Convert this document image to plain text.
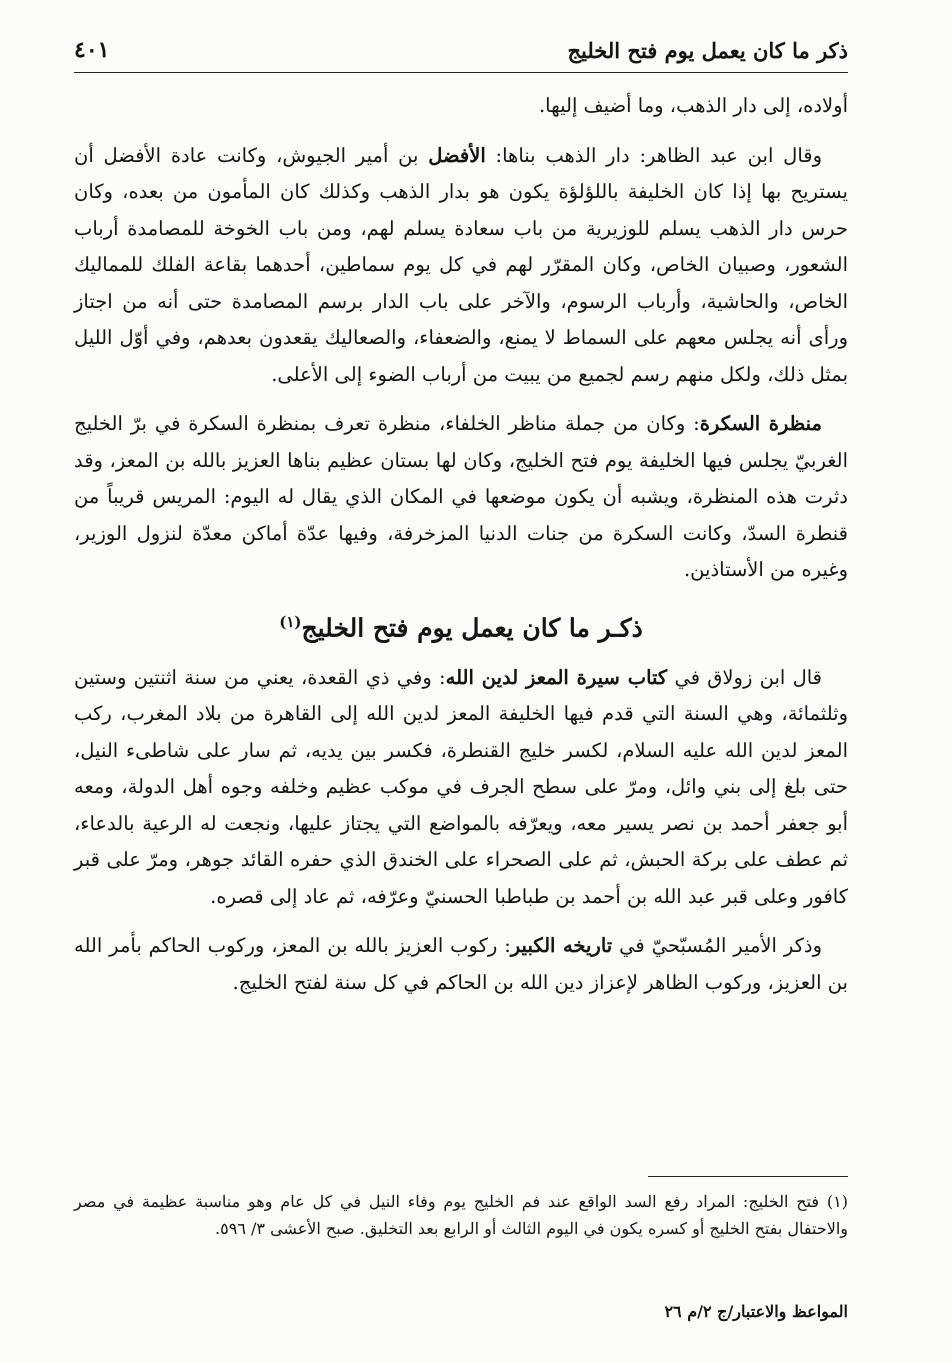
ذكر ما كان يعمل يوم فتح الخليج
٤٠١

أولاده، إلى دار الذهب، وما أضيف إليها.

وقال ابن عبد الظاهر: دار الذهب بناها: الأفضل بن أمير الجيوش، وكانت عادة الأفضل أن يستريح بها إذا كان الخليفة باللؤلؤة يكون هو بدار الذهب وكذلك كان المأمون من بعده، وكان حرس دار الذهب يسلم للوزيرية من باب سعادة يسلم لهم، ومن باب الخوخة للمصامدة أرباب الشعور، وصبيان الخاص، وكان المقرّر لهم في كل يوم سماطين، أحدهما بقاعة الفلك للمماليك الخاص، والحاشية، وأرباب الرسوم، والآخر على باب الدار برسم المصامدة حتى أنه من اجتاز ورأى أنه يجلس معهم على السماط لا يمنع، والضعفاء، والصعاليك يقعدون بعدهم، وفي أوّل الليل بمثل ذلك، ولكل منهم رسم لجميع من يبيت من أرباب الضوء إلى الأعلى.

منظرة السكرة: وكان من جملة مناظر الخلفاء، منظرة تعرف بمنظرة السكرة في برّ الخليج الغربيّ يجلس فيها الخليفة يوم فتح الخليج، وكان لها بستان عظيم بناها العزيز بالله بن المعز، وقد دثرت هذه المنظرة، ويشبه أن يكون موضعها في المكان الذي يقال له اليوم: المريس قريباً من قنطرة السدّ، وكانت السكرة من جنات الدنيا المزخرفة، وفيها عدّة أماكن معدّة لنزول الوزير، وغيره من الأستاذين.

ذكـر ما كان يعمل يوم فتح الخليج$^{(١)}$

قال ابن زولاق في كتاب سيرة المعز لدين الله: وفي ذي القعدة، يعني من سنة اثنتين وستين وثلثمائة، وهي السنة التي قدم فيها الخليفة المعز لدين الله إلى القاهرة من بلاد المغرب، ركب المعز لدين الله عليه السلام، لكسر خليج القنطرة، فكسر بين يديه، ثم سار على شاطىء النيل، حتى بلغ إلى بني وائل، ومرّ على سطح الجرف في موكب عظيم وخلفه وجوه أهل الدولة، ومعه أبو جعفر أحمد بن نصر يسير معه، ويعرّفه بالمواضع التي يجتاز عليها، ونجعت له الرعية بالدعاء، ثم عطف على بركة الحبش، ثم على الصحراء على الخندق الذي حفره القائد جوهر، ومرّ على قبر كافور وعلى قبر عبد الله بن أحمد بن طباطبا الحسنيّ وعرّفه، ثم عاد إلى قصره.

وذكر الأمير المُسبّحيّ في تاريخه الكبير: ركوب العزيز بالله بن المعز، وركوب الحاكم بأمر الله بن العزيز، وركوب الظاهر لإعزاز دين الله بن الحاكم في كل سنة لفتح الخليج.

(١) فتح الخليج: المراد رفع السد الواقع عند فم الخليج يوم وفاء النيل في كل عام وهو مناسبة عظيمة في مصر والاحتفال بفتح الخليج أو كسره يكون في اليوم الثالث أو الرابع بعد التخليق. صبح الأعشى ٣/ ٥٩٦.

المواعظ والاعتبار/ج ٢/م ٢٦
